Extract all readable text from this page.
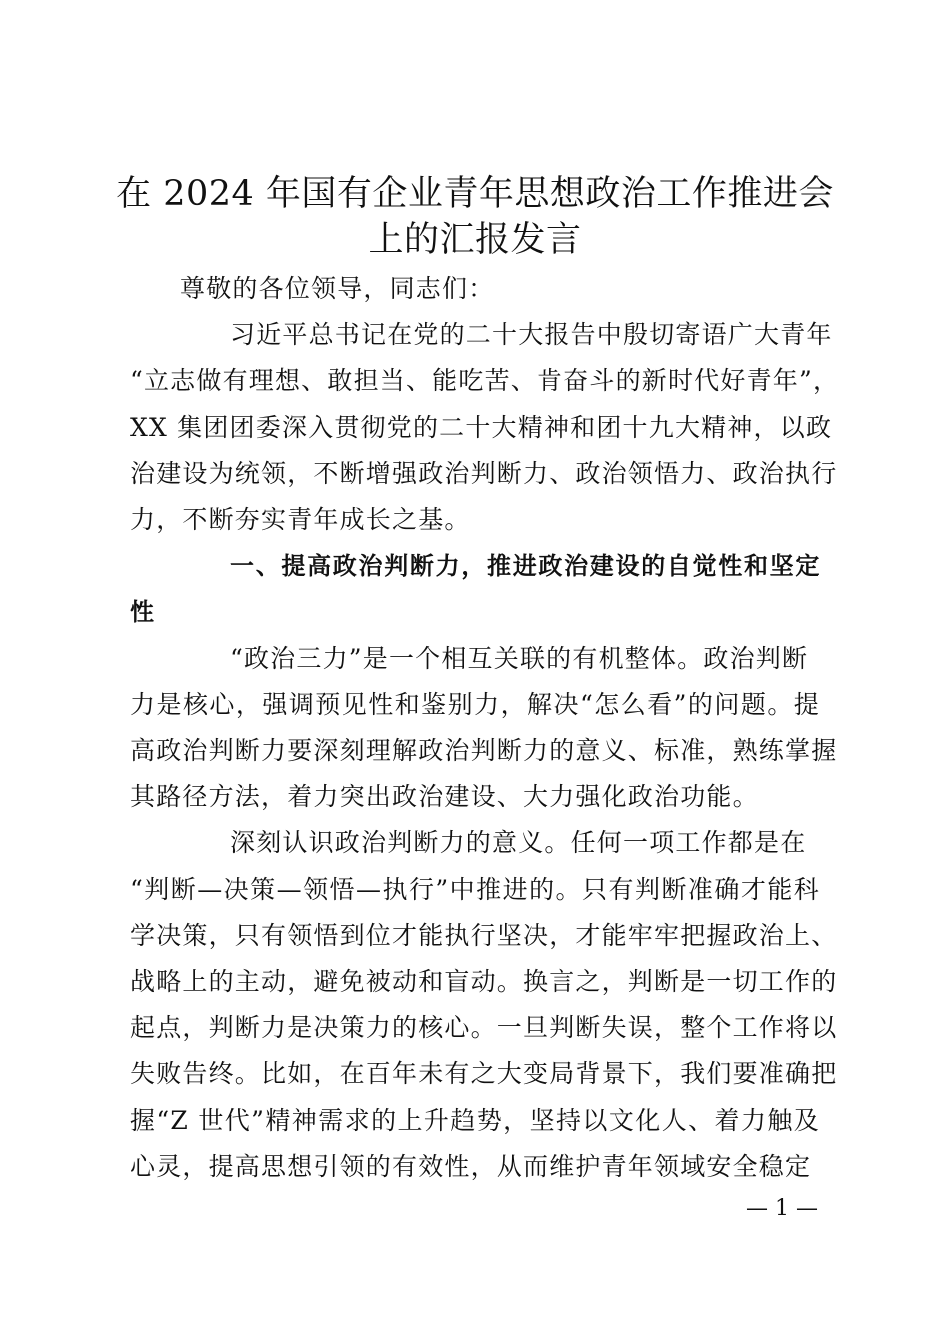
在 2024 年国有企业青年思想政治工作推进会
上的汇报发言
尊敬的各位领导，同志们：
习近平总书记在党的二十大报告中殷切寄语广大青年
“立志做有理想、敢担当、能吃苦、肯奋斗的新时代好青年”，
XX 集团团委深入贯彻党的二十大精神和团十九大精神，以政
治建设为统领，不断增强政治判断力、政治领悟力、政治执行
力，不断夯实青年成长之基。
一、提高政治判断力，推进政治建设的自觉性和坚定
性
“政治三力”是一个相互关联的有机整体。政治判断
力是核心，强调预见性和鉴别力，解决“怎么看”的问题。提
高政治判断力要深刻理解政治判断力的意义、标准，熟练掌握
其路径方法，着力突出政治建设、大力强化政治功能。
深刻认识政治判断力的意义。任何一项工作都是在
“判断—决策—领悟—执行”中推进的。只有判断准确才能科
学决策，只有领悟到位才能执行坚决，才能牢牢把握政治上、
战略上的主动，避免被动和盲动。换言之，判断是一切工作的
起点，判断力是决策力的核心。一旦判断失误，整个工作将以
失败告终。比如，在百年未有之大变局背景下，我们要准确把
握“Z 世代”精神需求的上升趋势，坚持以文化人、着力触及
心灵，提高思想引领的有效性，从而维护青年领域安全稳定
— 1 —
